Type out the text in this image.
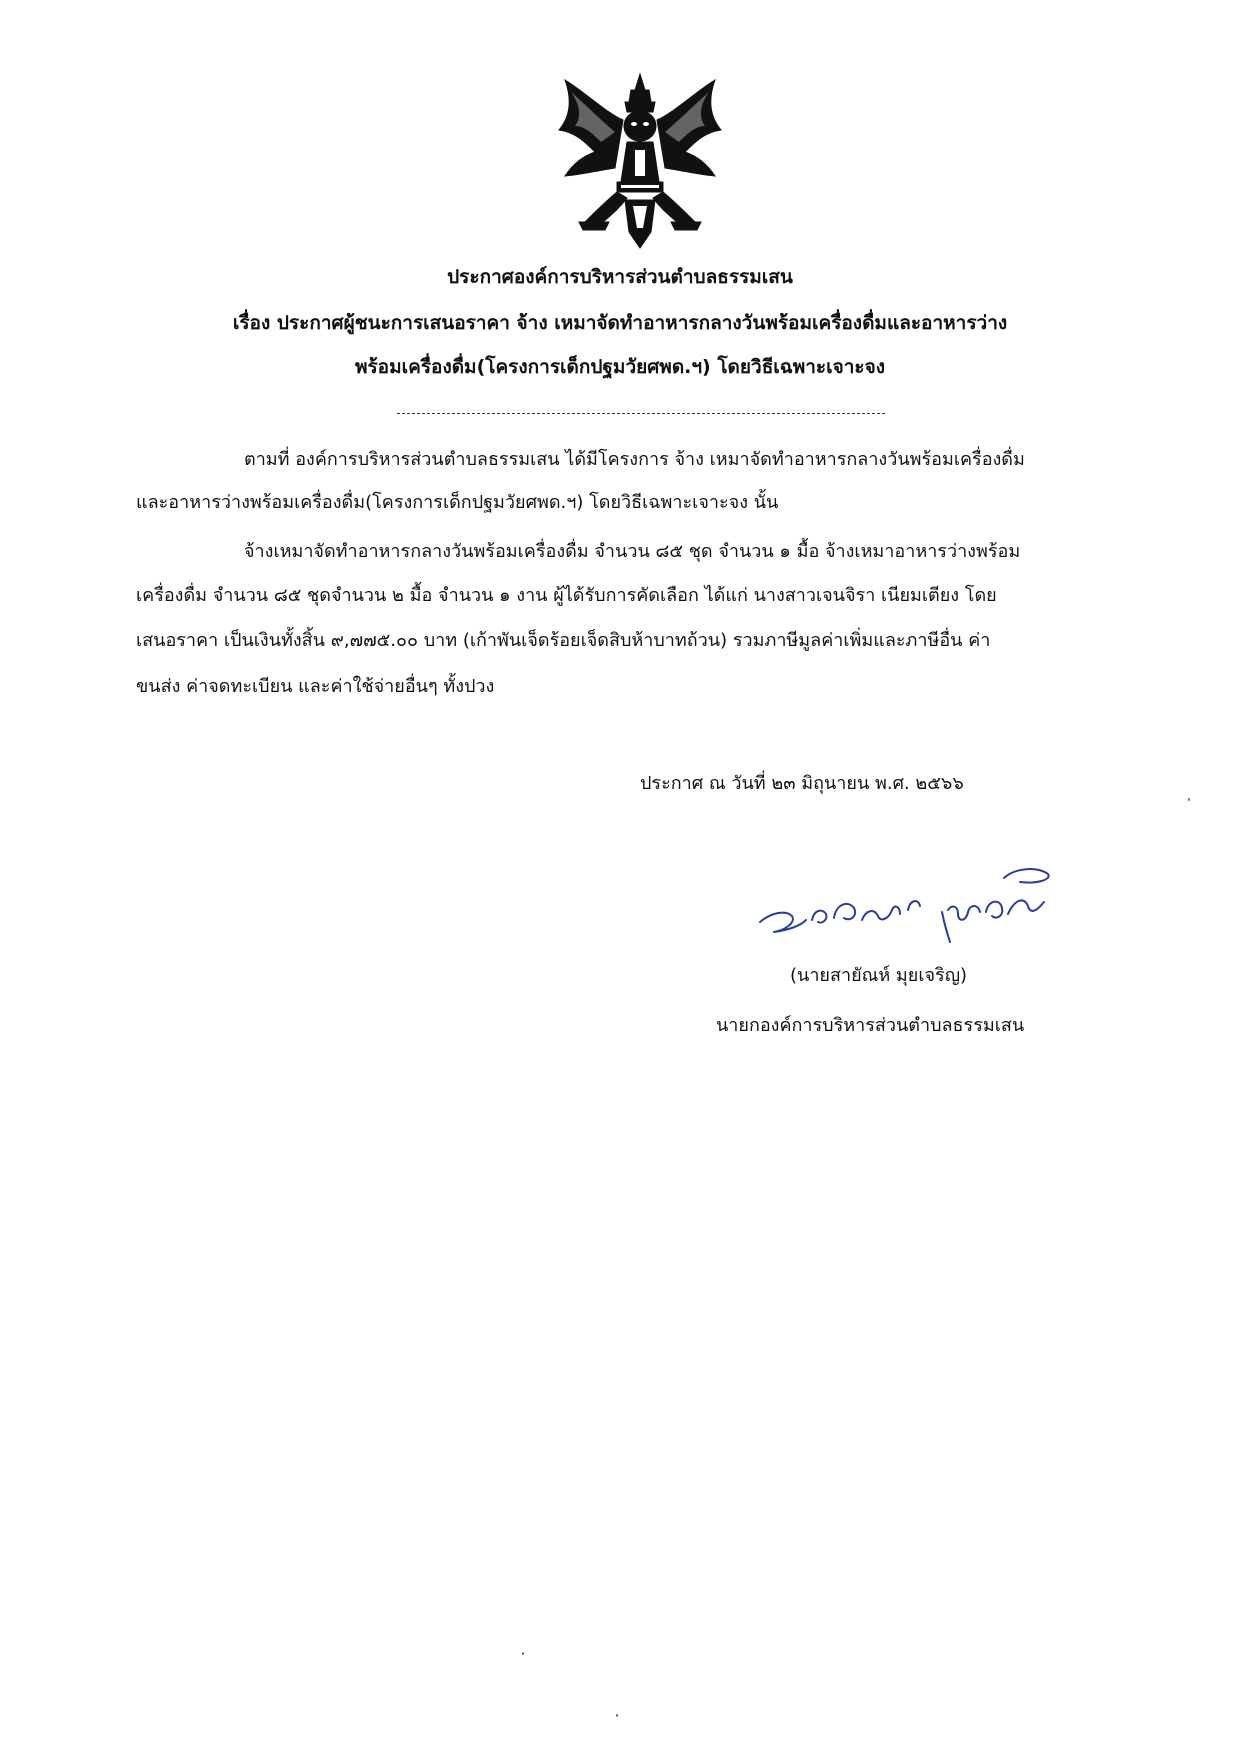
ประกาศองค์การบริหารส่วนตำบลธรรมเสน
เรื่อง ประกาศผู้ชนะการเสนอราคา จ้าง เหมาจัดทำอาหารกลางวันพร้อมเครื่องดื่มและอาหารว่าง
พร้อมเครื่องดื่ม(โครงการเด็กปฐมวัยศพด.ฯ) โดยวิธีเฉพาะเจาะจง
ตามที่ องค์การบริหารส่วนตำบลธรรมเสน ได้มีโครงการ จ้าง เหมาจัดทำอาหารกลางวันพร้อมเครื่องดื่ม
และอาหารว่างพร้อมเครื่องดื่ม(โครงการเด็กปฐมวัยศพด.ฯ) โดยวิธีเฉพาะเจาะจง นั้น
จ้างเหมาจัดทำอาหารกลางวันพร้อมเครื่องดื่ม จำนวน ๘๕ ชุด จำนวน ๑ มื้อ จ้างเหมาอาหารว่างพร้อม
เครื่องดื่ม จำนวน ๘๕ ชุดจำนวน ๒ มื้อ จำนวน ๑ งาน ผู้ได้รับการคัดเลือก ได้แก่ นางสาวเจนจิรา เนียมเตียง โดย
เสนอราคา เป็นเงินทั้งสิ้น ๙,๗๗๕.๐๐ บาท (เก้าพันเจ็ดร้อยเจ็ดสิบห้าบาทถ้วน) รวมภาษีมูลค่าเพิ่มและภาษีอื่น ค่า
ขนส่ง ค่าจดทะเบียน และค่าใช้จ่ายอื่นๆ ทั้งปวง
ประกาศ ณ วันที่ ๒๓ มิถุนายน พ.ศ. ๒๕๖๖
(นายสายัณห์ มุยเจริญ)
นายกองค์การบริหารส่วนตำบลธรรมเสน
